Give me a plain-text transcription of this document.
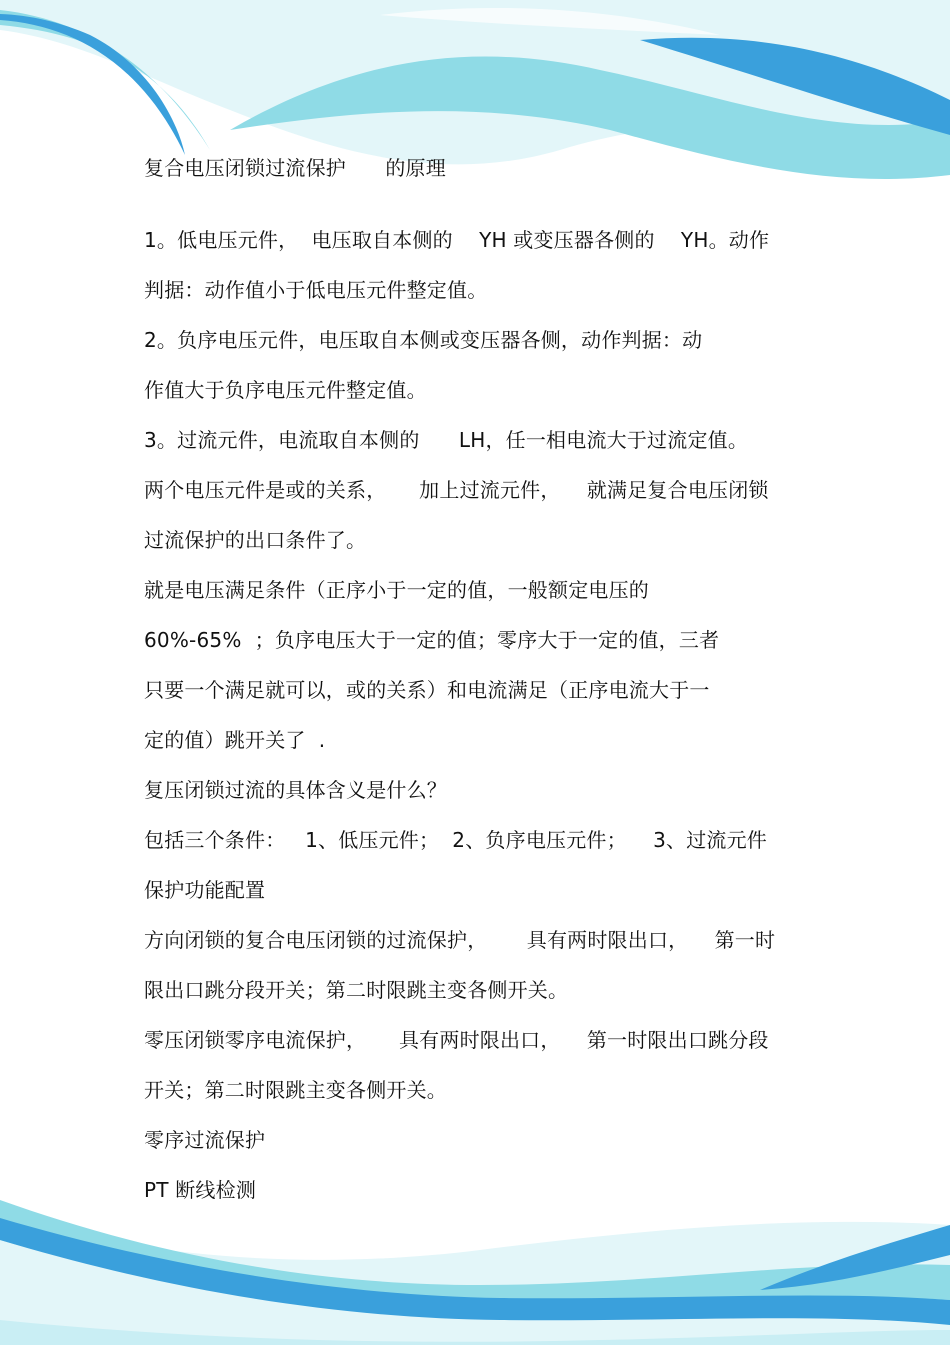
复合电压闭锁过流保护      的原理

1。低电压元件，  电压取自本侧的    YH 或变压器各侧的    YH。动作

判据：动作值小于低电压元件整定值。

2。负序电压元件，电压取自本侧或变压器各侧，动作判据：动

作值大于负序电压元件整定值。

3。过流元件，电流取自本侧的      LH，任一相电流大于过流定值。

两个电压元件是或的关系，     加上过流元件，    就满足复合电压闭锁

过流保护的出口条件了。

就是电压满足条件（正序小于一定的值，一般额定电压的

60%-65%  ；负序电压大于一定的值；零序大于一定的值，三者

只要一个满足就可以，或的关系）和电流满足（正序电流大于一

定的值）跳开关了  .

复压闭锁过流的具体含义是什么？

包括三个条件：   1、低压元件；  2、负序电压元件；    3、过流元件

保护功能配置

方向闭锁的复合电压闭锁的过流保护，      具有两时限出口，    第一时

限出口跳分段开关；第二时限跳主变各侧开关。

零压闭锁零序电流保护，     具有两时限出口，    第一时限出口跳分段

开关；第二时限跳主变各侧开关。

零序过流保护

PT 断线检测
